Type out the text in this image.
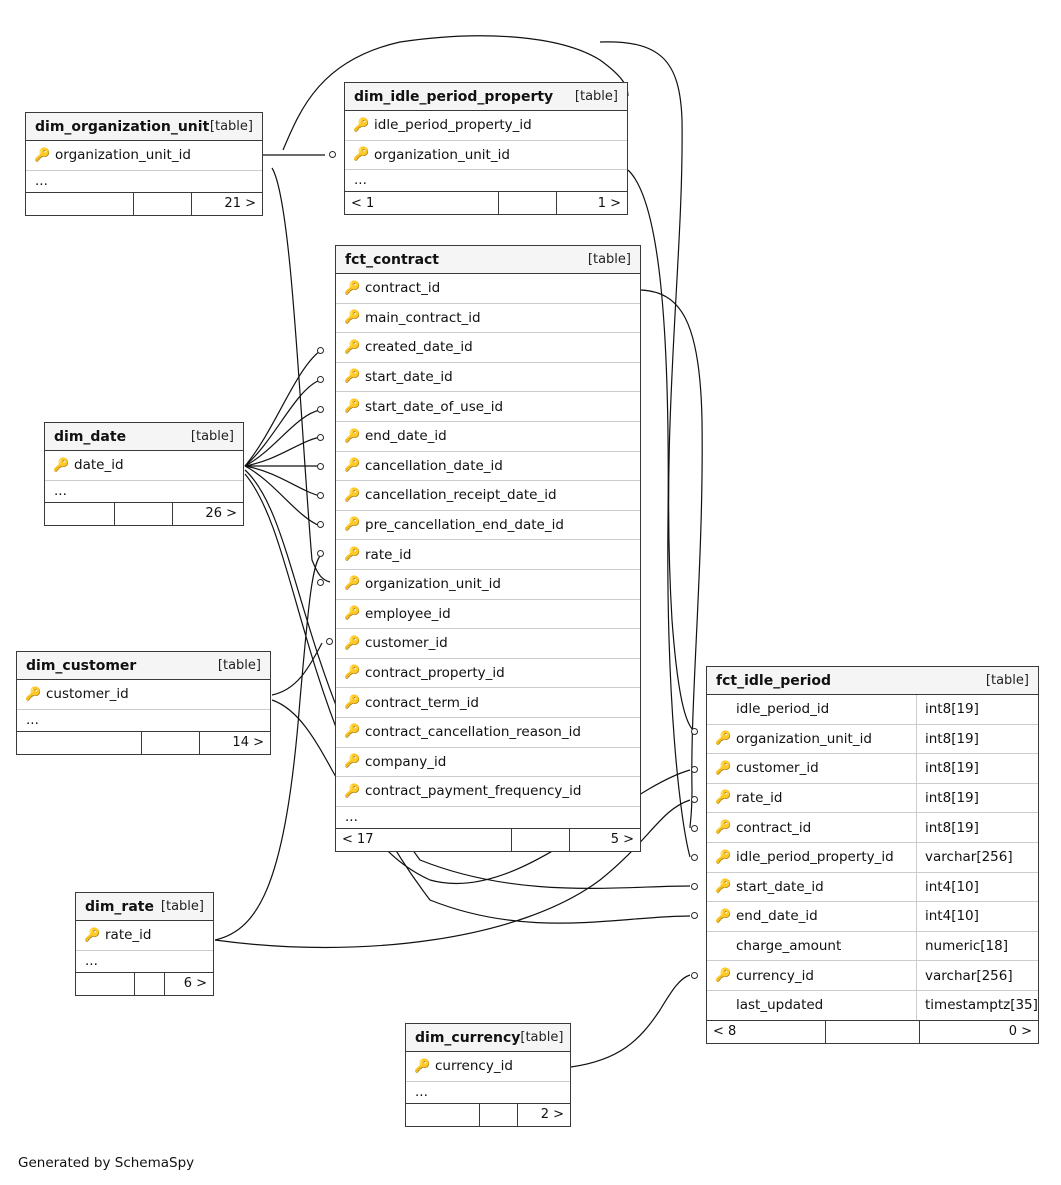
dim_organization_unit [table]
🔑 organization_unit_id
...
21 >
dim_idle_period_property [table]
🔑 idle_period_property_id
🔑 organization_unit_id
...
< 1	1 >
fct_contract	[table]
🔑 contract_id
🔑 main_contract_id
🔑 created_date_id
🔑 start_date_id
🔑 start_date_of_use_id
🔑 end_date_id
🔑 cancellation_date_id
🔑 cancellation_receipt_date_id
🔑 pre_cancellation_end_date_id
🔑 rate_id
🔑 organization_unit_id
🔑 employee_id
🔑 customer_id
🔑 contract_property_id
🔑 contract_term_id
🔑 contract_cancellation_reason_id
🔑 company_id
🔑 contract_payment_frequency_id
...
< 17	5 >
dim_date	[table]
🔑 date_id
...
26 >
dim_customer	[table]
🔑 customer_id
...
14 >
dim_rate [table]
🔑 rate_id
...
6 >
dim_currency [table]
🔑 currency_id
...
2 >
fct_idle_period	[table]
idle_period_id	int8[19]
🔑 organization_unit_id	int8[19]
🔑 customer_id	int8[19]
🔑 rate_id	int8[19]
🔑 contract_id	int8[19]
🔑 idle_period_property_id	varchar[256]
🔑 start_date_id	int4[10]
🔑 end_date_id	int4[10]
charge_amount	numeric[18]
🔑 currency_id	varchar[256]
last_updated	timestamptz[35]
< 8	0 >
Generated by SchemaSpy
